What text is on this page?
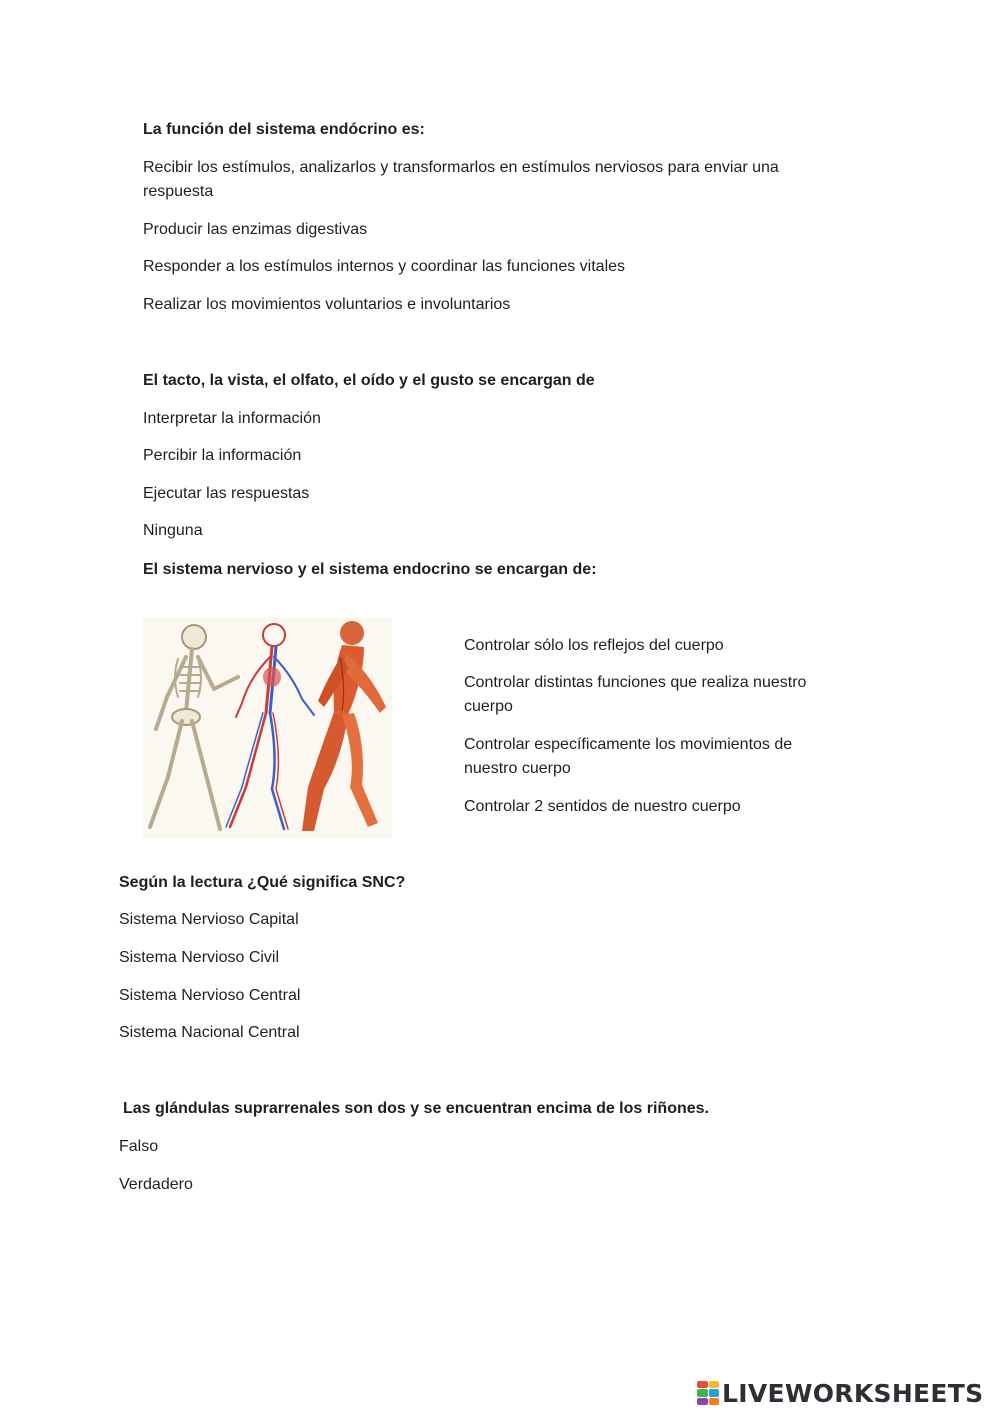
La función del sistema endócrino es:

Recibir los estímulos, analizarlos y transformarlos en estímulos nerviosos para enviar una

respuesta

Producir las enzimas digestivas

Responder a los estímulos internos y coordinar las funciones vitales

Realizar los movimientos voluntarios e involuntarios

El tacto, la vista, el olfato, el oído y el gusto se encargan de

Interpretar la información

Percibir la información

Ejecutar las respuestas

Ninguna

El sistema nervioso y el sistema endocrino se encargan de:

Controlar sólo los reflejos del cuerpo

Controlar distintas funciones que realiza nuestro

cuerpo

Controlar específicamente los movimientos de

nuestro cuerpo

Controlar 2 sentidos de nuestro cuerpo

Según la lectura ¿Qué significa SNC?

Sistema Nervioso Capital

Sistema Nervioso Civil

Sistema Nervioso Central

Sistema Nacional Central

Las glándulas suprarrenales son dos y se encuentran encima de los riñones.

Falso

Verdadero

LIVEWORKSHEETS
